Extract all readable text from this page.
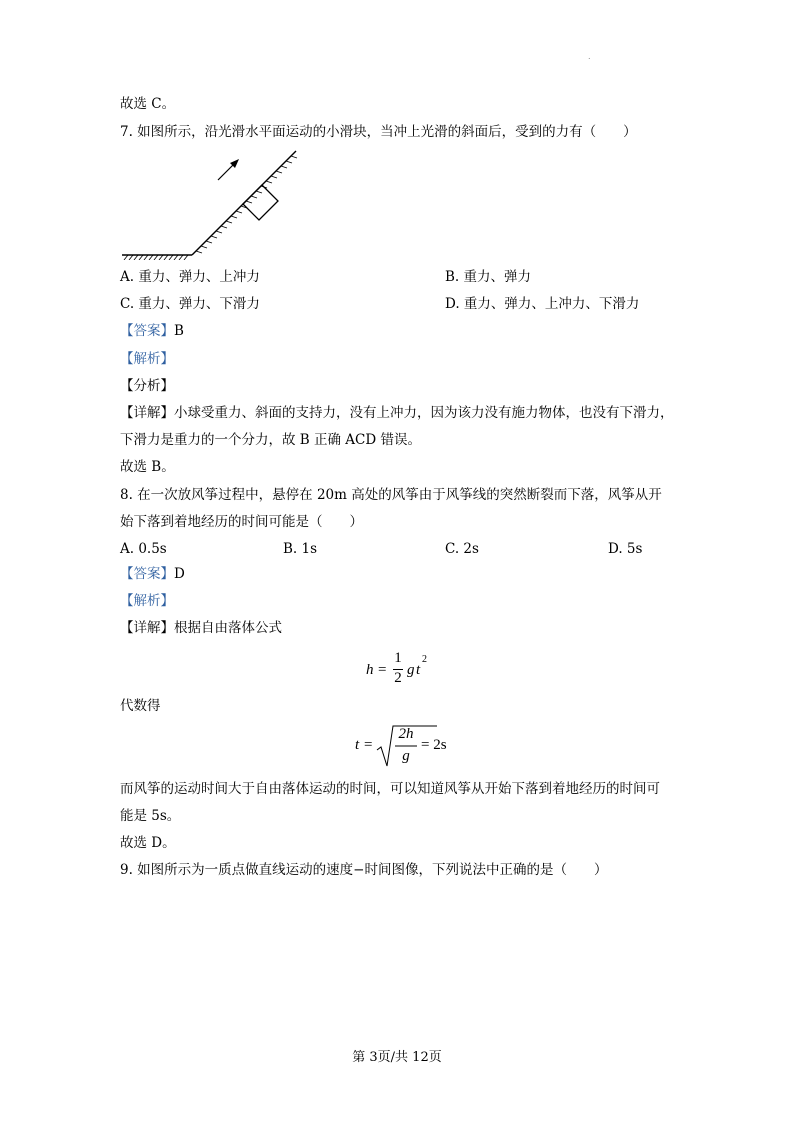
.
故选 C。
7. 如图所示，沿光滑水平面运动的小滑块，当冲上光滑的斜面后，受到的力有（　　）
A. 重力、弹力、上冲力	B. 重力、弹力
C. 重力、弹力、下滑力	D. 重力、弹力、上冲力、下滑力
【答案】B
【解析】
【分析】
【详解】小球受重力、斜面的支持力，没有上冲力，因为该力没有施力物体，也没有下滑力，
下滑力是重力的一个分力，故 B 正确 ACD 错误。
故选 B。
8. 在一次放风筝过程中，悬停在 20m 高处的风筝由于风筝线的突然断裂而下落，风筝从开
始下落到着地经历的时间可能是（　　）
A. 0.5s	B. 1s	C. 2s	D. 5s
【答案】D
【解析】
【详解】根据自由落体公式
h =
1
2 g t
2
代数得
t =
2h
g
= 2s
而风筝的运动时间大于自由落体运动的时间，可以知道风筝从开始下落到着地经历的时间可
能是 5s。
故选 D。
9. 如图所示为一质点做直线运动的速度−时间图像，下列说法中正确的是（　　）
第 3页/共 12页
